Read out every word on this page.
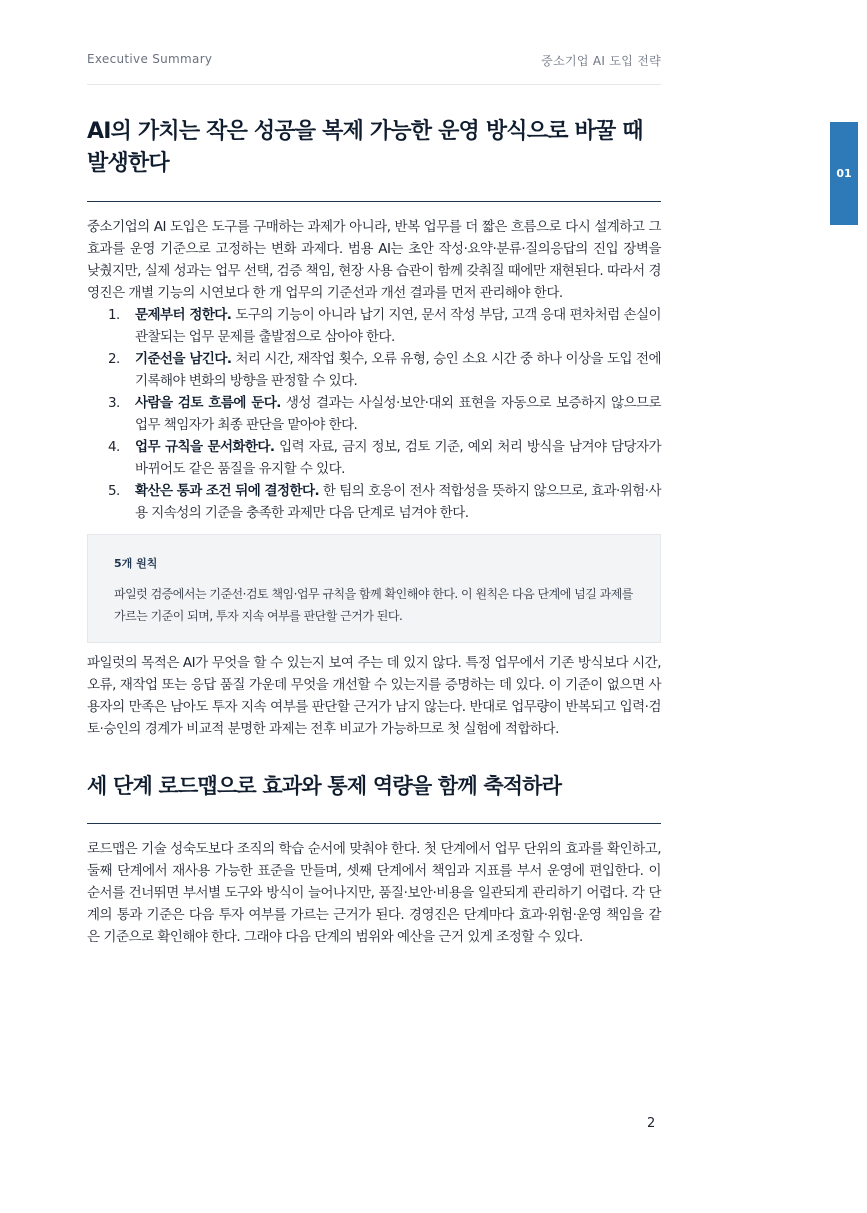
Executive Summary	중소기업 AI 도입 전략
01
AI의 가치는 작은 성공을 복제 가능한 운영 방식으로 바꿀 때 발생한다

중소기업의 AI 도입은 도구를 구매하는 과제가 아니라, 반복 업무를 더 짧은 흐름으로 다시 설계하고 그 효과를 운영 기준으로 고정하는 변화 과제다. 범용 AI는 초안 작성·요약·분류·질의응답의 진입 장벽을 낮췄지만, 실제 성과는 업무 선택, 검증 책임, 현장 사용 습관이 함께 갖춰질 때에만 재현된다. 따라서 경영진은 개별 기능의 시연보다 한 개 업무의 기준선과 개선 결과를 먼저 관리해야 한다.

1. 문제부터 정한다. 도구의 기능이 아니라 납기 지연, 문서 작성 부담, 고객 응대 편차처럼 손실이 관찰되는 업무 문제를 출발점으로 삼아야 한다.
2. 기준선을 남긴다. 처리 시간, 재작업 횟수, 오류 유형, 승인 소요 시간 중 하나 이상을 도입 전에 기록해야 변화의 방향을 판정할 수 있다.
3. 사람을 검토 흐름에 둔다. 생성 결과는 사실성·보안·대외 표현을 자동으로 보증하지 않으므로 업무 책임자가 최종 판단을 맡아야 한다.
4. 업무 규칙을 문서화한다. 입력 자료, 금지 정보, 검토 기준, 예외 처리 방식을 남겨야 담당자가 바뀌어도 같은 품질을 유지할 수 있다.
5. 확산은 통과 조건 뒤에 결정한다. 한 팀의 호응이 전사 적합성을 뜻하지 않으므로, 효과·위험·사용 지속성의 기준을 충족한 과제만 다음 단계로 넘겨야 한다.
5개 원칙
파일럿 검증에서는 기준선·검토 책임·업무 규칙을 함께 확인해야 한다. 이 원칙은 다음 단계에 넘길 과제를 가르는 기준이 되며, 투자 지속 여부를 판단할 근거가 된다.

파일럿의 목적은 AI가 무엇을 할 수 있는지 보여 주는 데 있지 않다. 특정 업무에서 기존 방식보다 시간, 오류, 재작업 또는 응답 품질 가운데 무엇을 개선할 수 있는지를 증명하는 데 있다. 이 기준이 없으면 사용자의 만족은 남아도 투자 지속 여부를 판단할 근거가 남지 않는다. 반대로 업무량이 반복되고 입력·검토·승인의 경계가 비교적 분명한 과제는 전후 비교가 가능하므로 첫 실험에 적합하다.

세 단계 로드맵으로 효과와 통제 역량을 함께 축적하라

로드맵은 기술 성숙도보다 조직의 학습 순서에 맞춰야 한다. 첫 단계에서 업무 단위의 효과를 확인하고, 둘째 단계에서 재사용 가능한 표준을 만들며, 셋째 단계에서 책임과 지표를 부서 운영에 편입한다. 이 순서를 건너뛰면 부서별 도구와 방식이 늘어나지만, 품질·보안·비용을 일관되게 관리하기 어렵다. 각 단계의 통과 기준은 다음 투자 여부를 가르는 근거가 된다. 경영진은 단계마다 효과·위험·운영 책임을 같은 기준으로 확인해야 한다. 그래야 다음 단계의 범위와 예산을 근거 있게 조정할 수 있다.

2
